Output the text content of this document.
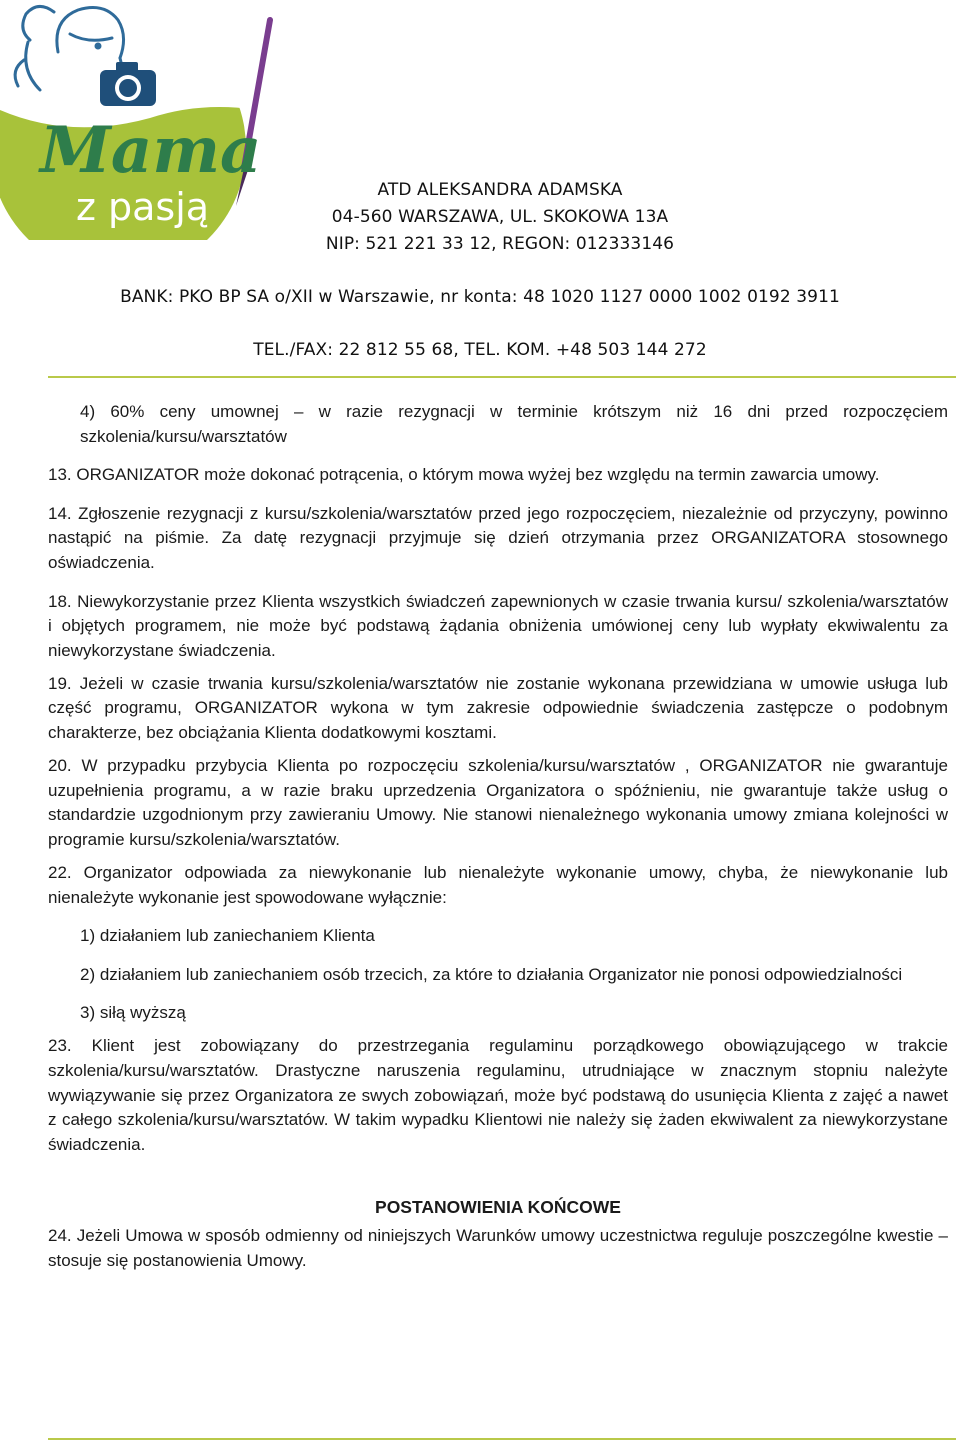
Mama
z pasją	ATD ALEKSANDRA ADAMSKA
04-560 WARSZAWA, UL. SKOKOWA 13A
NIP: 521 221 33 12, REGON: 012333146
BANK: PKO BP SA o/XII w Warszawie, nr konta: 48 1020 1127 0000 1002 0192 3911
TEL./FAX: 22 812 55 68, TEL. KOM. +48 503 144 272

4) 60% ceny umownej – w razie rezygnacji w terminie krótszym niż 16 dni przed rozpoczęciem szkolenia/kursu/warsztatów

13. ORGANIZATOR może dokonać potrącenia, o którym mowa wyżej bez względu na termin zawarcia umowy.

14. Zgłoszenie rezygnacji z kursu/szkolenia/warsztatów przed jego rozpoczęciem, niezależnie od przyczyny, powinno nastąpić na piśmie. Za datę rezygnacji przyjmuje się dzień otrzymania przez ORGANIZATORA stosownego oświadczenia.

18. Niewykorzystanie przez Klienta wszystkich świadczeń zapewnionych w czasie trwania kursu/ szkolenia/warsztatów i objętych programem, nie może być podstawą żądania obniżenia umówionej ceny lub wypłaty ekwiwalentu za niewykorzystane świadczenia.

19. Jeżeli w czasie trwania kursu/szkolenia/warsztatów nie zostanie wykonana przewidziana w umowie usługa lub część programu, ORGANIZATOR wykona w tym zakresie odpowiednie świadczenia zastępcze o podobnym charakterze, bez obciążania Klienta dodatkowymi kosztami.

20. W przypadku przybycia Klienta po rozpoczęciu szkolenia/kursu/warsztatów , ORGANIZATOR nie gwarantuje uzupełnienia programu, a w razie braku uprzedzenia Organizatora o spóźnieniu, nie gwarantuje także usług o standardzie uzgodnionym przy zawieraniu Umowy. Nie stanowi nienależnego wykonania umowy zmiana kolejności w programie kursu/szkolenia/warsztatów.

22. Organizator odpowiada za niewykonanie lub nienależyte wykonanie umowy, chyba, że niewykonanie lub nienależyte wykonanie jest spowodowane wyłącznie:

1) działaniem lub zaniechaniem Klienta

2) działaniem lub zaniechaniem osób trzecich, za które to działania Organizator nie ponosi odpowiedzialności

3) siłą wyższą

23. Klient jest zobowiązany do przestrzegania regulaminu porządkowego obowiązującego w trakcie szkolenia/kursu/warsztatów. Drastyczne naruszenia regulaminu, utrudniające w znacznym stopniu należyte wywiązywanie się przez Organizatora ze swych zobowiązań, może być podstawą do usunięcia Klienta z zajęć a nawet z całego szkolenia/kursu/warsztatów. W takim wypadku Klientowi nie należy się żaden ekwiwalent za niewykorzystane świadczenia.

POSTANOWIENIA KOŃCOWE

24. Jeżeli Umowa w sposób odmienny od niniejszych Warunków umowy uczestnictwa reguluje poszczególne kwestie – stosuje się postanowienia Umowy.
